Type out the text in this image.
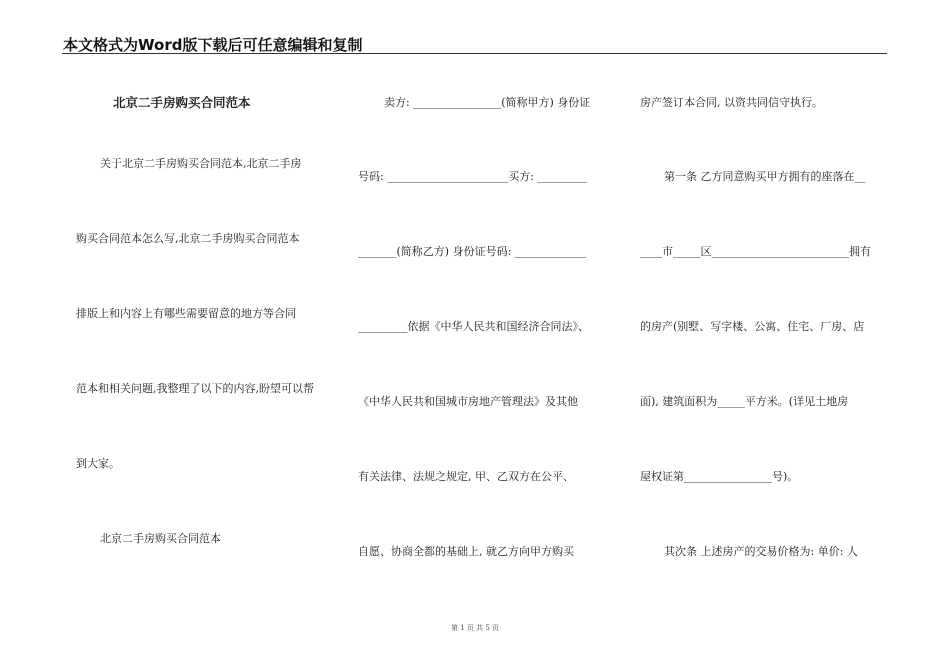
本文格式为Word版下载后可任意编辑和复制
北京二手房购买合同范本
关于北京二手房购买合同范本,北京二手房
购买合同范本怎么写,北京二手房购买合同范本
排版上和内容上有哪些需要留意的地方等合同
范本和相关问题,我整理了以下的内容,盼望可以帮
到大家。
北京二手房购买合同范本
卖方: ________________(简称甲方) 身份证
号码: ______________________买方: _________
_______(简称乙方) 身份证号码: _____________
_________依据《中华人民共和国经济合同法》、
《中华人民共和国城市房地产管理法》及其他
有关法律、法规之规定, 甲、乙双方在公平、
自愿、协商全都的基础上, 就乙方向甲方购买
房产签订本合同, 以资共同信守执行。
第一条 乙方同意购买甲方拥有的座落在__
____市_____区_________________________拥有
的房产(别墅、写字楼、公寓、住宅、厂房、店
面), 建筑面积为_____平方米。(详见土地房
屋权证第________________号)。
其次条 上述房产的交易价格为: 单价: 人
第 1 页 共 5 页
